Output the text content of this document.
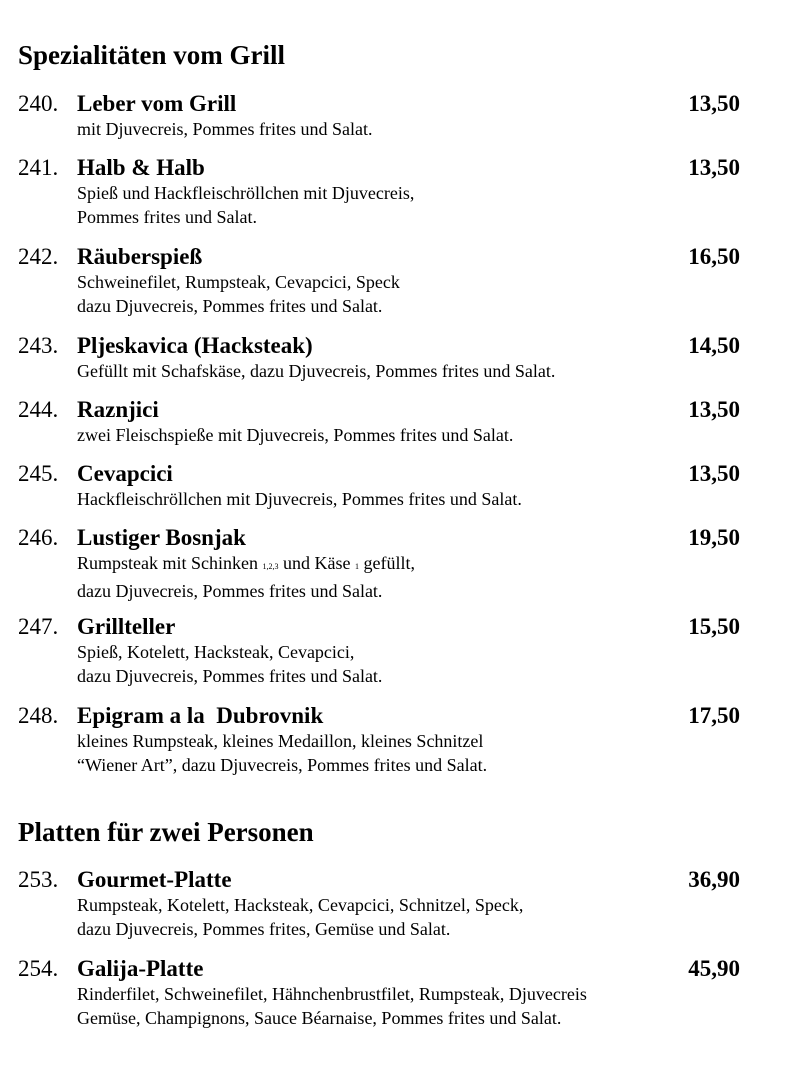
Spezialitäten vom Grill
240. Leber vom Grill	13,50
mit Djuvecreis, Pommes frites und Salat.
241. Halb & Halb	13,50
Spieß und Hackfleischröllchen mit Djuvecreis,
Pommes frites und Salat.
242. Räuberspieß	16,50
Schweinefilet, Rumpsteak, Cevapcici, Speck
dazu Djuvecreis, Pommes frites und Salat.
243. Pljeskavica (Hacksteak)	14,50
Gefüllt mit Schafskäse, dazu Djuvecreis, Pommes frites und Salat.
244. Raznjici	13,50
zwei Fleischspieße mit Djuvecreis, Pommes frites und Salat.
245. Cevapcici	13,50
Hackfleischröllchen mit Djuvecreis, Pommes frites und Salat.
246. Lustiger Bosnjak	19,50
Rumpsteak mit Schinken 1,2,3 und Käse 1 gefüllt,
dazu Djuvecreis, Pommes frites und Salat.
247. Grillteller	15,50
Spieß, Kotelett, Hacksteak, Cevapcici,
dazu Djuvecreis, Pommes frites und Salat.
248. Epigram a la  Dubrovnik	17,50
kleines Rumpsteak, kleines Medaillon, kleines Schnitzel
“Wiener Art”, dazu Djuvecreis, Pommes frites und Salat.
Platten für zwei Personen
253. Gourmet-Platte	36,90
Rumpsteak, Kotelett, Hacksteak, Cevapcici, Schnitzel, Speck,
dazu Djuvecreis, Pommes frites, Gemüse und Salat.
254. Galija-Platte	45,90
Rinderfilet, Schweinefilet, Hähnchenbrustfilet, Rumpsteak, Djuvecreis
Gemüse, Champignons, Sauce Béarnaise, Pommes frites und Salat.
